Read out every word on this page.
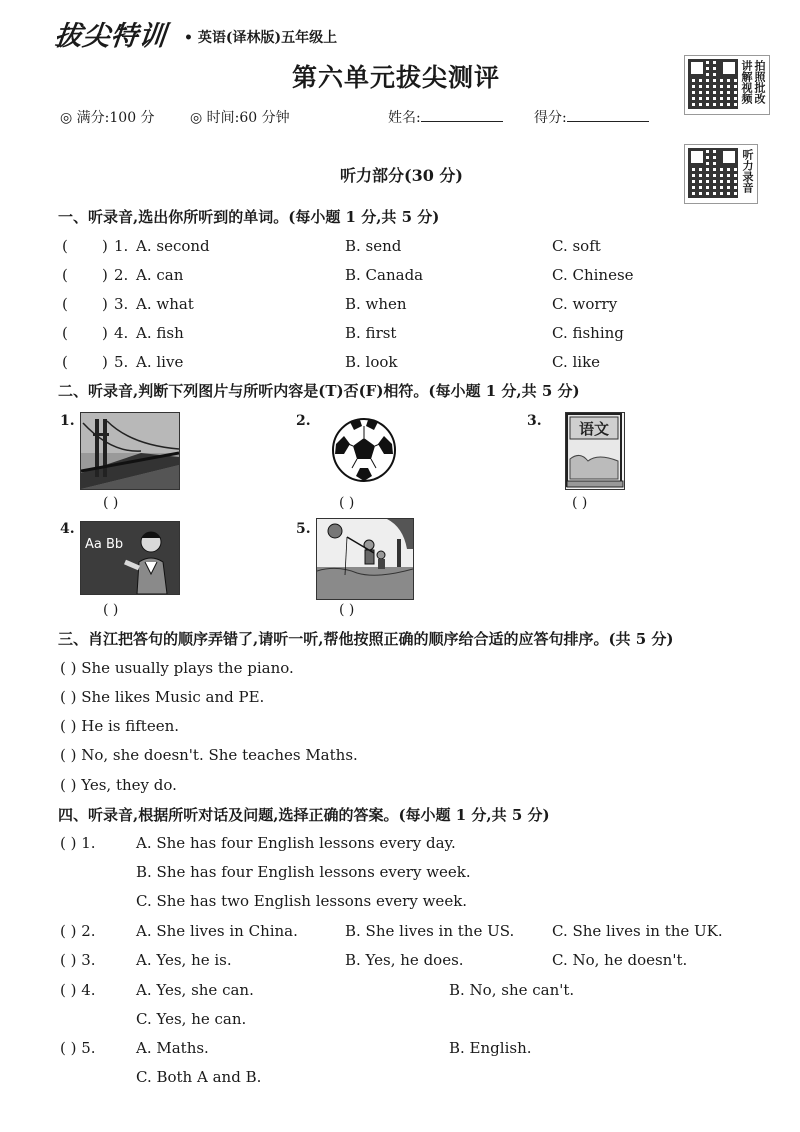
拔尖特训 • 英语(译林版)五年级上
第六单元拔尖测评	拍照批改讲解视频
听力录音
◎ 满分:100 分	◎ 时间:60 分钟	姓名:	得分:
听力部分(30 分)
一、听录音,选出你所听到的单词。(每小题 1 分,共 5 分)
( ) 1. A. second	B. send	C. soft
( ) 2. A. can	B. Canada	C. Chinese
( ) 3. A. what	B. when	C. worry
( ) 4. A. fish	B. first	C. fishing
( ) 5. A. live	B. look	C. like
二、听录音,判断下列图片与所听内容是(T)否(F)相符。(每小题 1 分,共 5 分)
1.
( )
2.
( )
3. 语文
( )
4.
Aa Bb
( )
5.
( )
三、肖江把答句的顺序弄错了,请听一听,帮他按照正确的顺序给合适的应答句排序。(共 5 分)
( ) She usually plays the piano.
( ) She likes Music and PE.
( ) He is fifteen.
( ) No, she doesn't. She teaches Maths.
( ) Yes, they do.
四、听录音,根据所听对话及问题,选择正确的答案。(每小题 1 分,共 5 分)
( ) 1.	A. She has four English lessons every day.
B. She has four English lessons every week.
C. She has two English lessons every week.
( ) 2.	A. She lives in China.	B. She lives in the US.	C. She lives in the UK.
( ) 3.	A. Yes, he is.	B. Yes, he does.	C. No, he doesn't.
( ) 4.	A. Yes, she can.	B. No, she can't.
C. Yes, he can.
( ) 5.	A. Maths.	B. English.
C. Both A and B.
